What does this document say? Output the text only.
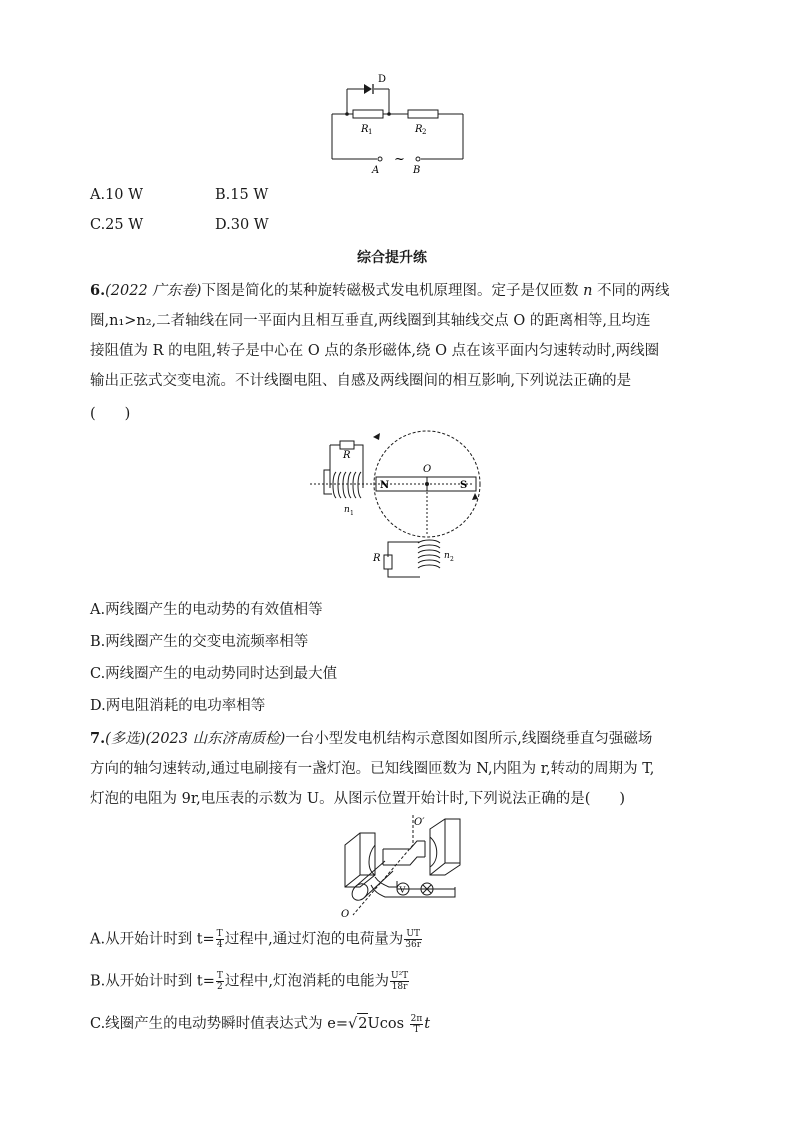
D
R 1	R 2
~
A	B
A.10 W	B.15 W
C.25 W	D.30 W
综合提升练
6.(2022 广东卷)下图是简化的某种旋转磁极式发电机原理图。定子是仅匝数 n 不同的两线
圈,n₁>n₂,二者轴线在同一平面内且相互垂直,两线圈到其轴线交点 O 的距离相等,且均连
接阻值为 R 的电阻,转子是中心在 O 点的条形磁体,绕 O 点在该平面内匀速转动时,两线圈
输出正弦式交变电流。不计线圈电阻、自感及两线圈间的相互影响,下列说法正确的是
(　　)
R
O
N	S
n 1
R	n 2
A.两线圈产生的电动势的有效值相等
B.两线圈产生的交变电流频率相等
C.两线圈产生的电动势同时达到最大值
D.两电阻消耗的电功率相等
7.(多选)(2023 山东济南质检)一台小型发电机结构示意图如图所示,线圈绕垂直匀强磁场
方向的轴匀速转动,通过电刷接有一盏灯泡。已知线圈匝数为 N,内阻为 r,转动的周期为 T,
灯泡的电阻为 9r,电压表的示数为 U。从图示位置开始计时,下列说法正确的是(　　)
O′
O
V
A.从开始计时到 $t= \frac{T}{4}$ 过程中,通过灯泡的电荷量为 $\frac{UT}{36r}$
B.从开始计时到 $t= \frac{T}{2}$ 过程中,灯泡消耗的电能为 $\frac{\text{U²T}}{18r}$
C.线圈产生的电动势瞬时值表达式为 $e=√2Ucos \frac{2\pi}{T}$ t
